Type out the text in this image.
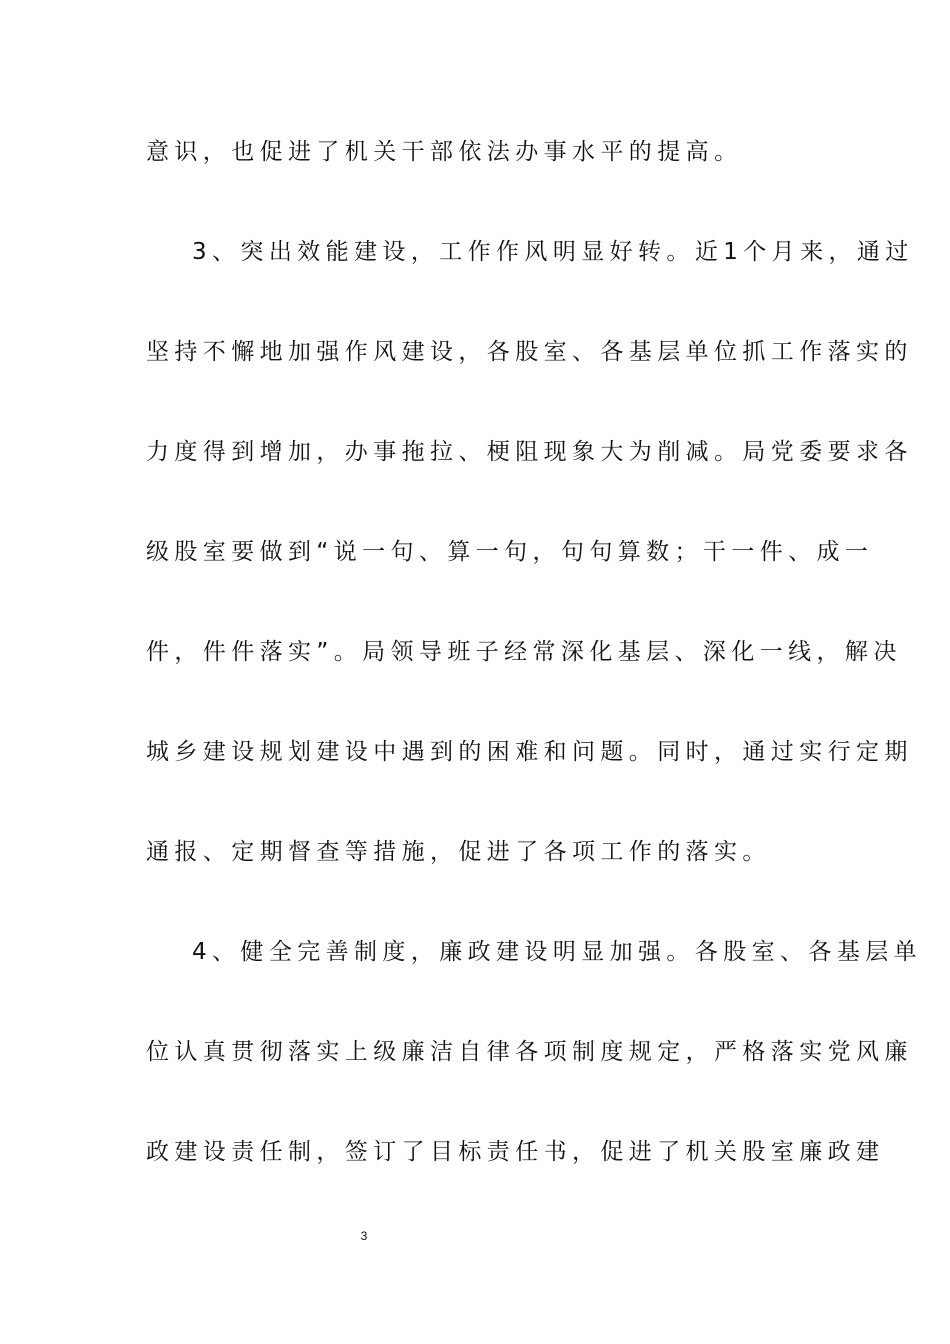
意识，也促进了机关干部依法办事水平的提高。
3、突出效能建设，工作作风明显好转。近1个月来，通过
坚持不懈地加强作风建设，各股室、各基层单位抓工作落实的
力度得到增加，办事拖拉、梗阻现象大为削减。局党委要求各
级股室要做到“说一句、算一句，句句算数；干一件、成一
件，件件落实”。局领导班子经常深化基层、深化一线，解决
城乡建设规划建设中遇到的困难和问题。同时，通过实行定期
通报、定期督查等措施，促进了各项工作的落实。
4、健全完善制度，廉政建设明显加强。各股室、各基层单
位认真贯彻落实上级廉洁自律各项制度规定，严格落实党风廉
政建设责任制，签订了目标责任书，促进了机关股室廉政建
3
